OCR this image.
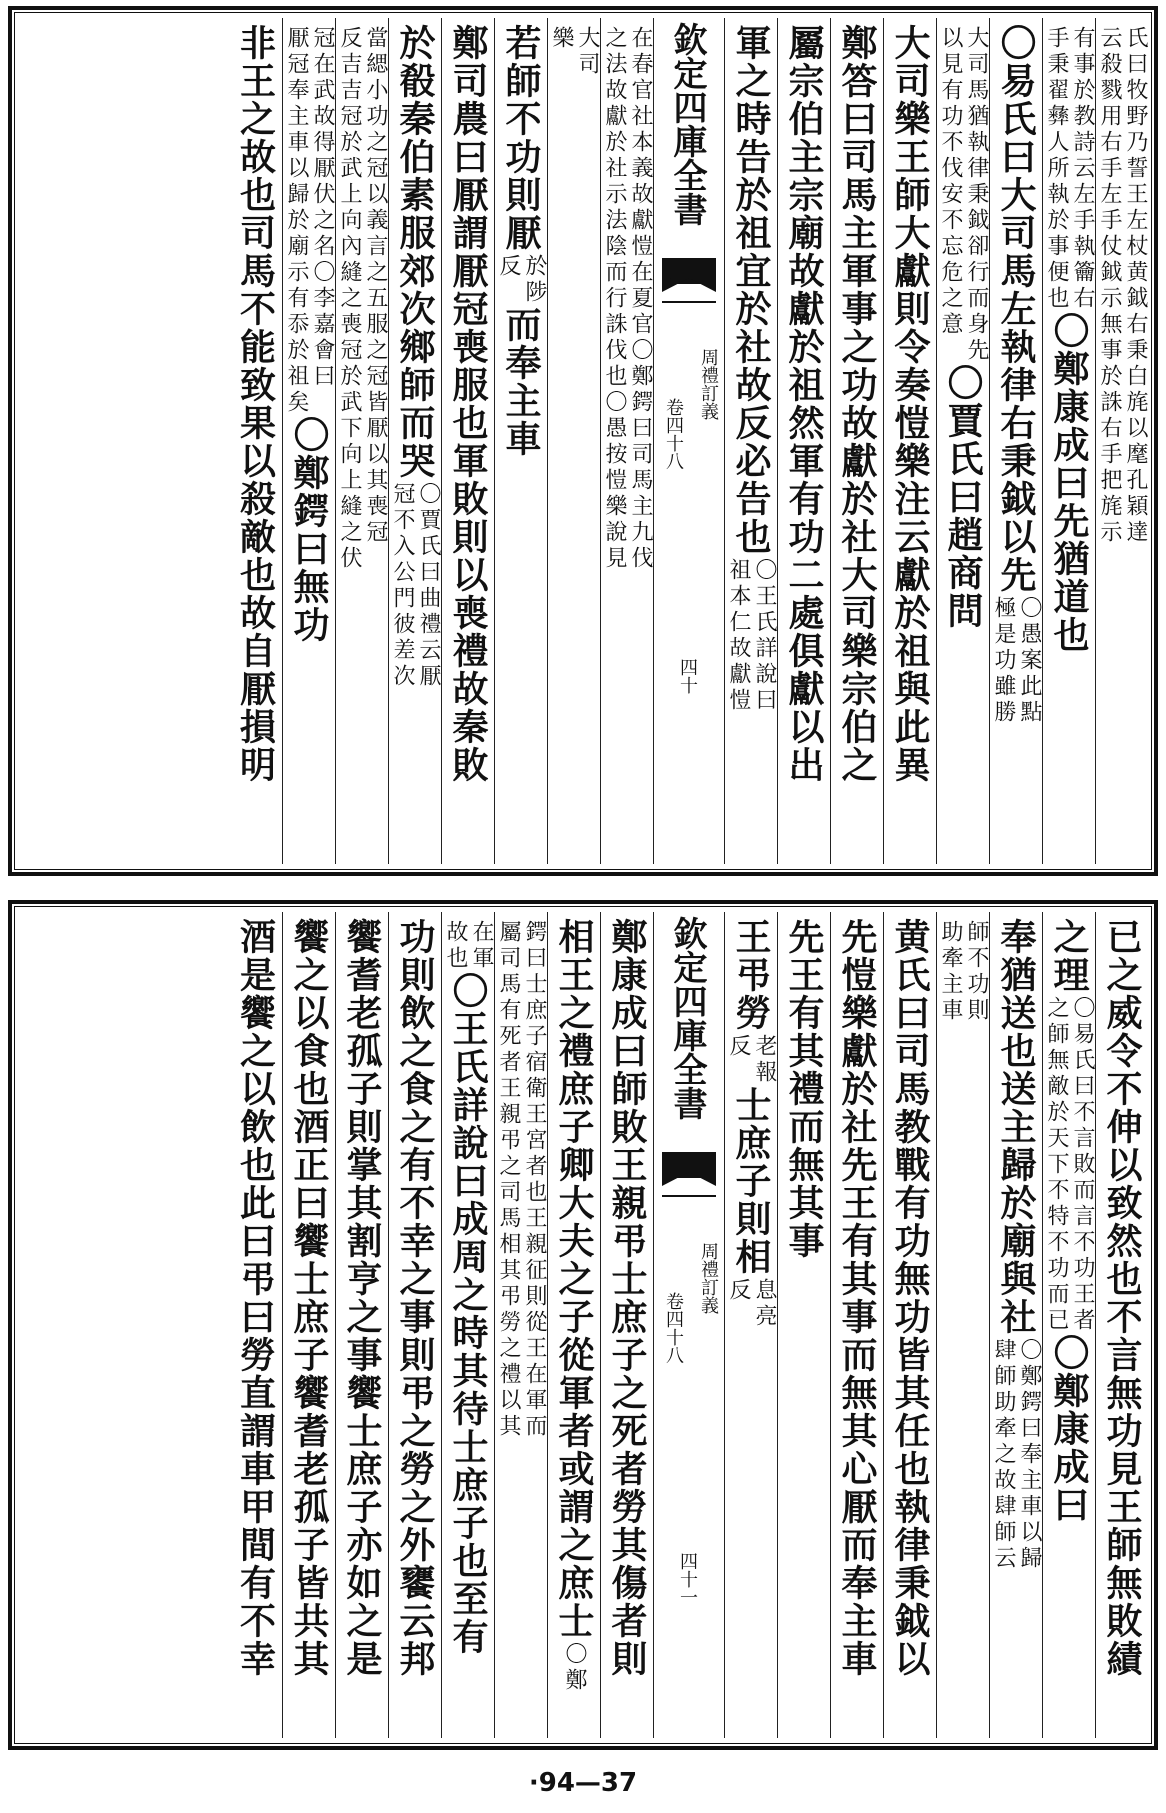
氏曰牧野乃誓王左杖黄鉞右秉白旄以麾孔穎達
云殺戮用右手左手仗鉞示無事於誅右手把旄示
有事於教詩云左手執籥右
手秉翟彝人所執於事便也
〇鄭康成曰先猶道也
〇易氏曰大司馬左執律右秉鉞以先
〇愚案此點
極是功雖勝
大司馬猶執律秉鉞卻行而身先
以見有功不伐安不忘危之意
〇賈氏曰趙商問
大司樂王師大獻則令奏愷樂注云獻於祖與此異
鄭答曰司馬主軍事之功故獻於社大司樂宗伯之
屬宗伯主宗廟故獻於祖然軍有功二處俱獻以出
軍之時告於祖宜於社故反必告也
〇王氏詳說曰
祖本仁故獻愷
欽定四庫全書
周禮訂義
卷四十八
四十
在春官社本義故獻愷在夏官〇鄭鍔曰司馬主九伐
之法故獻於社示法陰而行誅伐也〇愚按愷樂說見
大司
樂
若師不功則厭
於陟
反
而奉主車
鄭司農曰厭謂厭冠喪服也軍敗則以喪禮故秦敗
於殽秦伯素服郊次鄉師而哭
〇賈氏曰曲禮云厭
冠不入公門彼差次
當緦小功之冠以義言之五服之冠皆厭以其喪冠
反吉吉冠於武上向內縫之喪冠於武下向上縫之伏
冠在武故得厭伏之名〇李嘉會曰
厭冠奉主車以歸於廟示有忝於祖矣
〇鄭鍔曰無功
非王之故也司馬不能致果以殺敵也故自厭損明
已之威令不伸以致然也不言無功見王師無敗績
之理
〇易氏曰不言敗而言不功王者
之師無敵於天下不特不功而已
〇鄭康成曰
奉猶送也送主歸於廟與社
〇鄭鍔曰奉主車以歸
肆師助牽之故肆師云
師不功則
助牽主車
黄氏曰司馬教戰有功無功皆其任也執律秉鉞以
先愷樂獻於社先王有其事而無其心厭而奉主車
先王有其禮而無其事
王弔勞
老報
反
士庶子則相
息亮
反
欽定四庫全書
周禮訂義
卷四十八
四十一
鄭康成曰師敗王親弔士庶子之死者勞其傷者則
相王之禮庶子卿大夫之子從軍者或謂之庶士
〇鄭
鍔曰士庶子宿衛王宮者也王親征則從王在軍而
屬司馬有死者王親弔之司馬相其弔勞之禮以其
在軍
故也
〇王氏詳說曰成周之時其待士庶子也至有
功則飲之食之有不幸之事則弔之勞之外饔云邦
饗耆老孤子則掌其割亨之事饗士庶子亦如之是
饗之以食也酒正曰饗士庶子饗耆老孤子皆共其
酒是饗之以飲也此曰弔曰勞直謂車甲間有不幸
·94—37
